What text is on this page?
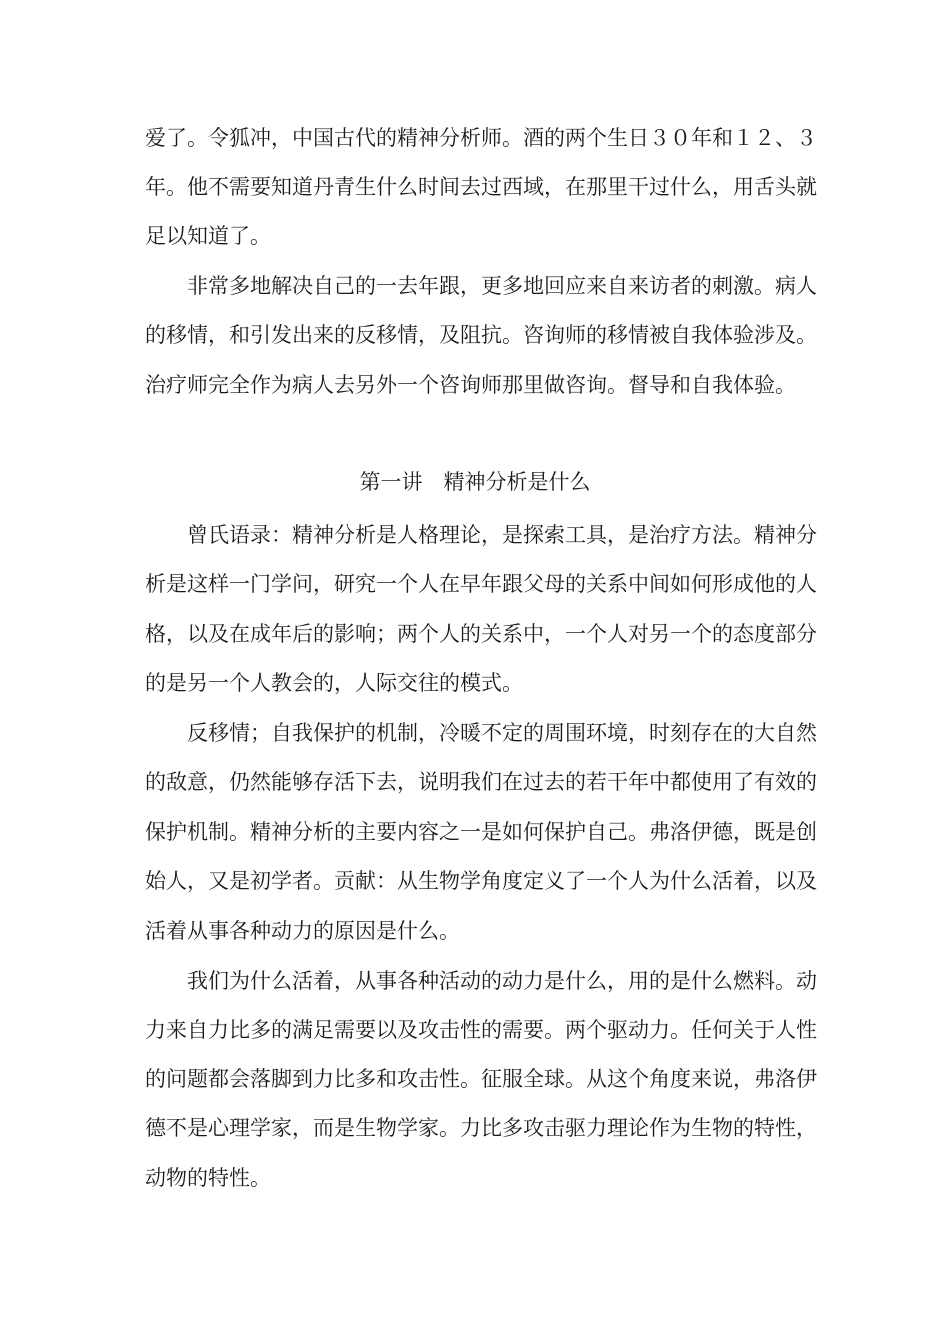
爱了。令狐冲，中国古代的精神分析师。酒的两个生日３０年和１２、３
年。他不需要知道丹青生什么时间去过西域，在那里干过什么，用舌头就
足以知道了。
非常多地解决自己的一去年跟，更多地回应来自来访者的刺激。病人
的移情，和引发出来的反移情，及阻抗。咨询师的移情被自我体验涉及。
治疗师完全作为病人去另外一个咨询师那里做咨询。督导和自我体验。
第一讲　精神分析是什么
曾氏语录：精神分析是人格理论，是探索工具，是治疗方法。精神分
析是这样一门学问，研究一个人在早年跟父母的关系中间如何形成他的人
格，以及在成年后的影响；两个人的关系中，一个人对另一个的态度部分
的是另一个人教会的，人际交往的模式。
反移情；自我保护的机制，冷暖不定的周围环境，时刻存在的大自然
的敌意，仍然能够存活下去，说明我们在过去的若干年中都使用了有效的
保护机制。精神分析的主要内容之一是如何保护自己。弗洛伊德，既是创
始人，又是初学者。贡献：从生物学角度定义了一个人为什么活着，以及
活着从事各种动力的原因是什么。
我们为什么活着，从事各种活动的动力是什么，用的是什么燃料。动
力来自力比多的满足需要以及攻击性的需要。两个驱动力。任何关于人性
的问题都会落脚到力比多和攻击性。征服全球。从这个角度来说，弗洛伊
德不是心理学家，而是生物学家。力比多攻击驱力理论作为生物的特性，
动物的特性。
